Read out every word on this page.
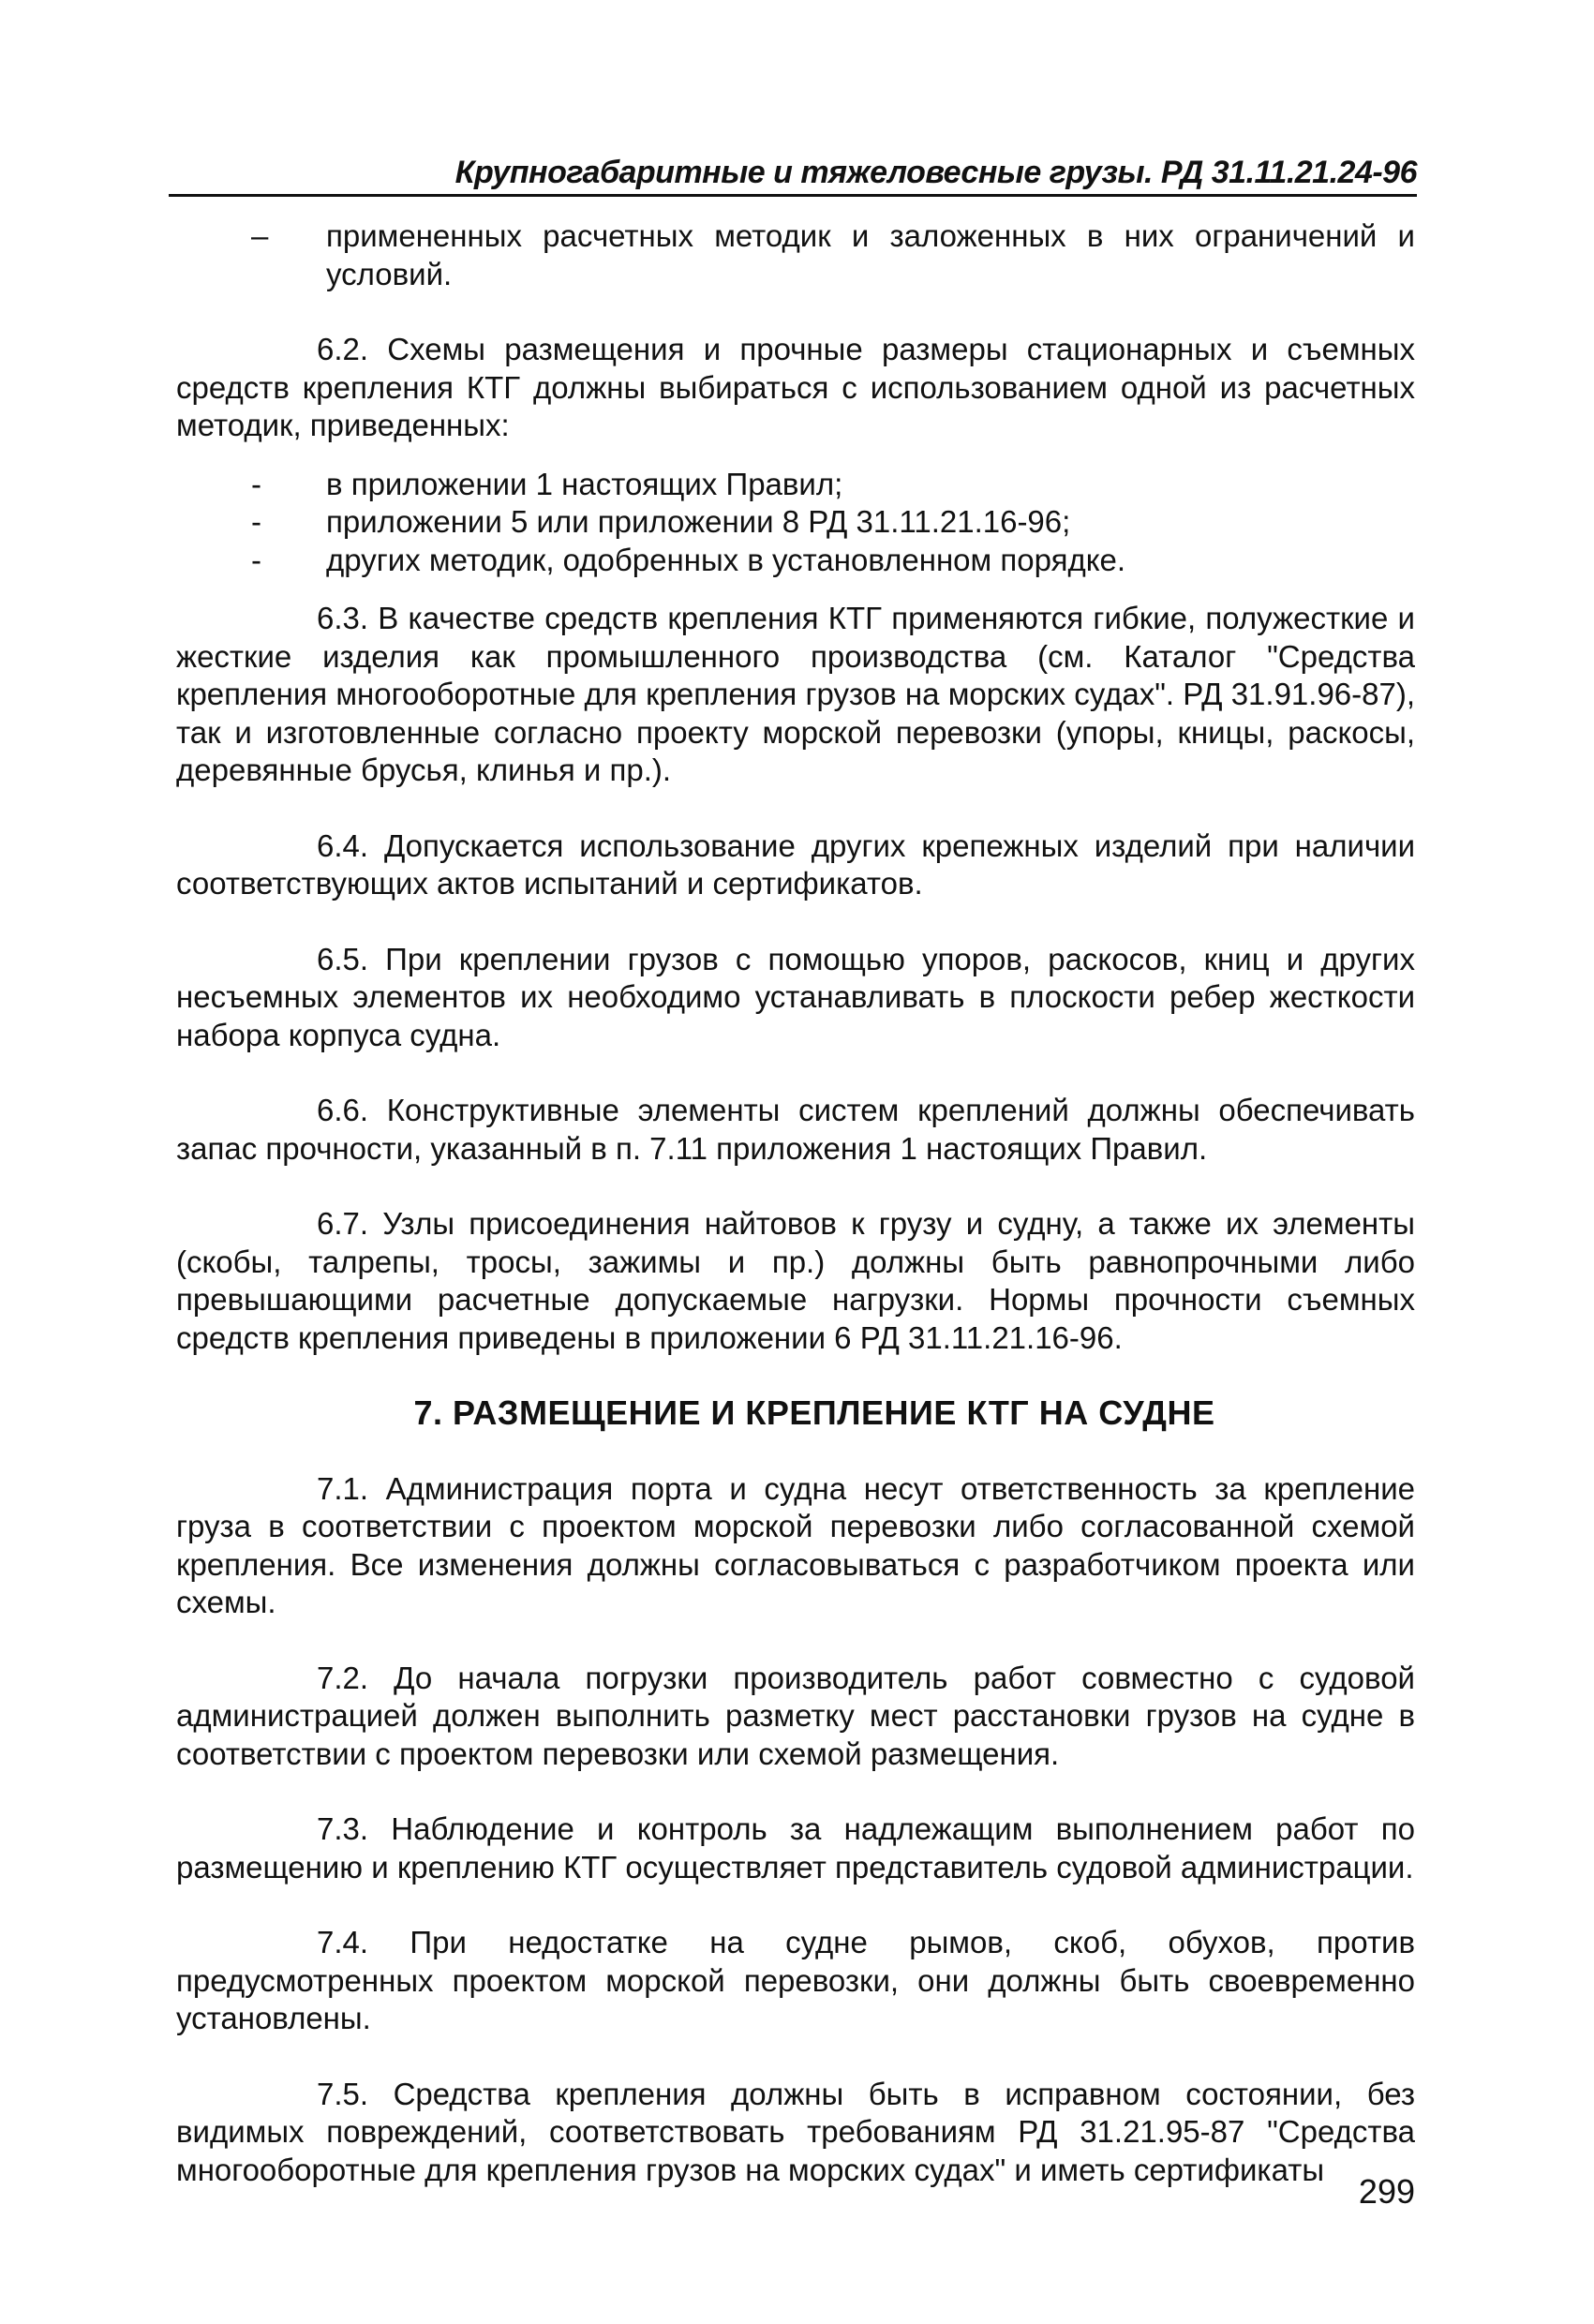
Крупногабаритные и тяжеловесные грузы. РД 31.11.21.24-96

– примененных расчетных методик и заложенных в них ограничений и условий.

6.2. Схемы размещения и прочные размеры стационарных и съемных средств крепления КТГ должны выбираться с использованием одной из расчетных методик, приведенных:

- в приложении 1 настоящих Правил;

- приложении 5 или приложении 8 РД 31.11.21.16-96;

- других методик, одобренных в установленном порядке.

6.3. В качестве средств крепления КТГ применяются гибкие, полужесткие и жесткие изделия как промышленного производства (см. Каталог "Средства крепления многооборотные для крепления грузов на морских судах". РД 31.91.96-87), так и изготовленные согласно проекту морской перевозки (упоры, кницы, раскосы, деревянные брусья, клинья и пр.).

6.4. Допускается использование других крепежных изделий при наличии соответствующих актов испытаний и сертификатов.

6.5. При креплении грузов с помощью упоров, раскосов, книц и других несъемных элементов их необходимо устанавливать в плоскости ребер жесткости набора корпуса судна.

6.6. Конструктивные элементы систем креплений должны обеспечивать запас прочности, указанный в п. 7.11 приложения 1 настоящих Правил.

6.7. Узлы присоединения найтовов к грузу и судну, а также их элементы (скобы, талрепы, тросы, зажимы и пр.) должны быть равнопрочными либо превышающими расчетные допускаемые нагрузки. Нормы прочности съемных средств крепления приведены в приложении 6 РД 31.11.21.16-96.

7. РАЗМЕЩЕНИЕ И КРЕПЛЕНИЕ КТГ НА СУДНЕ

7.1. Администрация порта и судна несут ответственность за крепление груза в соответствии с проектом морской перевозки либо согласованной схемой крепления. Все изменения должны согласовываться с разработчиком проекта или схемы.

7.2. До начала погрузки производитель работ совместно с судовой администрацией должен выполнить разметку мест расстановки грузов на судне в соответствии с проектом перевозки или схемой размещения.

7.3. Наблюдение и контроль за надлежащим выполнением работ по размещению и креплению КТГ осуществляет представитель судовой администрации.

7.4. При недостатке на судне рымов, скоб, обухов, против предусмотренных проектом морской перевозки, они должны быть своевременно установлены.

7.5. Средства крепления должны быть в исправном состоянии, без видимых повреждений, соответствовать требованиям РД 31.21.95-87 "Средства многооборотные для крепления грузов на морских судах" и иметь сертификаты

299
